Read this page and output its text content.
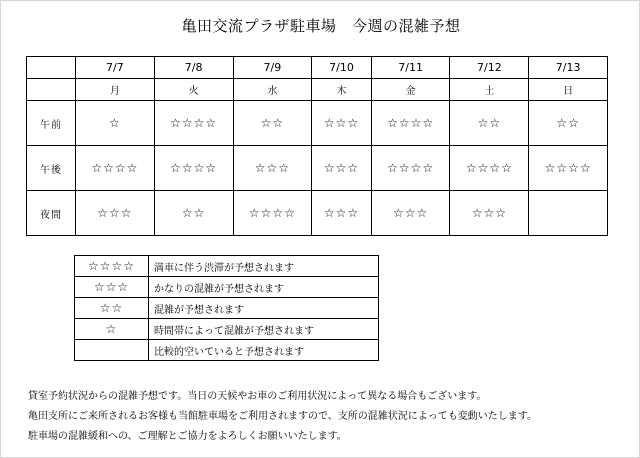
亀田交流プラザ駐車場　今週の混雑予想
	7/7	7/8	7/9	7/10	7/11	7/12	7/13
	月	火	水	木	金	土	日
午前	☆	☆☆☆☆	☆☆	☆☆☆	☆☆☆☆	☆☆	☆☆
午後	☆☆☆☆	☆☆☆☆	☆☆☆	☆☆☆	☆☆☆☆	☆☆☆☆	☆☆☆☆
夜間	☆☆☆	☆☆	☆☆☆☆	☆☆☆	☆☆☆	☆☆☆	
☆☆☆☆	満車に伴う渋滞が予想されます
☆☆☆	かなりの混雑が予想されます
☆☆	混雑が予想されます
☆	時間帯によって混雑が予想されます
	比較的空いていると予想されます
貸室予約状況からの混雑予想です。当日の天候やお車のご利用状況によって異なる場合もございます。
亀田支所にご来所されるお客様も当館駐車場をご利用されますので、支所の混雑状況によっても変動いたします。
駐車場の混雑緩和への、ご理解とご協力をよろしくお願いいたします。
